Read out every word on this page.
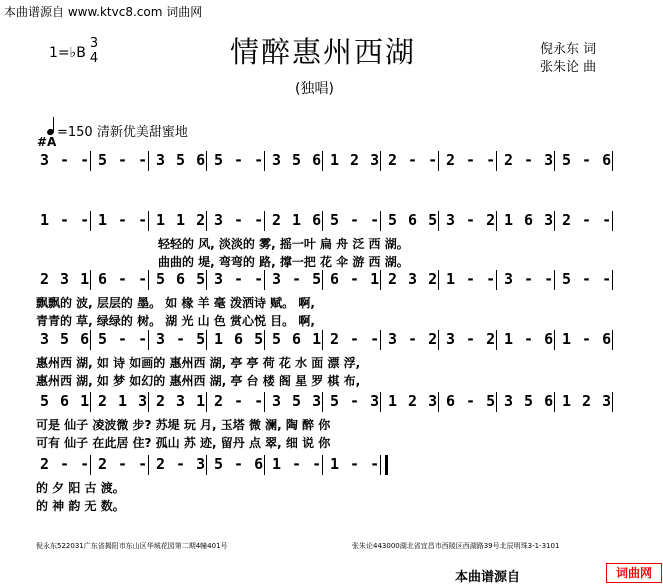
本曲谱源自 www.ktvc8.com 词曲网
1=♭B
3
4	情醉惠州西湖
(独唱)
倪永东 词
张朱论 曲
=150 清新优美甜蜜地
#A
3 - - 5 - - 3 5 6 5 - - 3 5 6 1 2 3 2 - - 2 - - 2 - 3 5 - 6
1 - - 1 - - 1 1 2 3 - - 2 1 6 5 - - 5 6 5 3 - 2 1 6 3 2 - -
轻轻的 风, 淡淡的 雾, 摇一叶 扁 舟 泛 西 湖。
曲曲的 堤, 弯弯的 路, 撑一把 花 伞 游 西 湖。
2 3 1 6 - - 5 6 5 3 - - 3 - 5 6 - 1 2 3 2 1 - - 3 - - 5 - -
飘飘的 波, 层层的 墨。 如 椽 羊 毫 泼洒诗 赋。 啊,
青青的 草, 绿绿的 树。 湖 光 山 色 赏心悦 目。 啊,
3 5 6 5 - - 3 - 5 1 6 5 5 6 1 2 - - 3 - 2 3 - 2 1 - 6 1 - 6
惠州西 湖, 如 诗 如画的 惠州西 湖, 亭 亭 荷 花 水 面 漂 浮,
惠州西 湖, 如 梦 如幻的 惠州西 湖, 亭 台 楼 阁 星 罗 棋 布,
5 6 1 2 1 3 2 3 1 2 - - 3 5 3 5 - 3 1 2 3 6 - 5 3 5 6 1 2 3
可是 仙子 凌波微 步? 苏堤 玩 月, 玉塔 微 澜, 陶 醉 你
可有 仙子 在此居 住? 孤山 苏 迹, 留丹 点 翠, 细 说 你
2 - - 2 - - 2 - 3 5 - 6 1 - - 1 - -
的 夕 阳 古 渡。
的 神 韵 无 数。
倪永东522031广东省揭阳市东山区华城花园第二期4幢401号	张朱论443000湖北省宜昌市西陵区西湖路39号北辰明珠3-1-3101
本曲谱源自	词曲网
